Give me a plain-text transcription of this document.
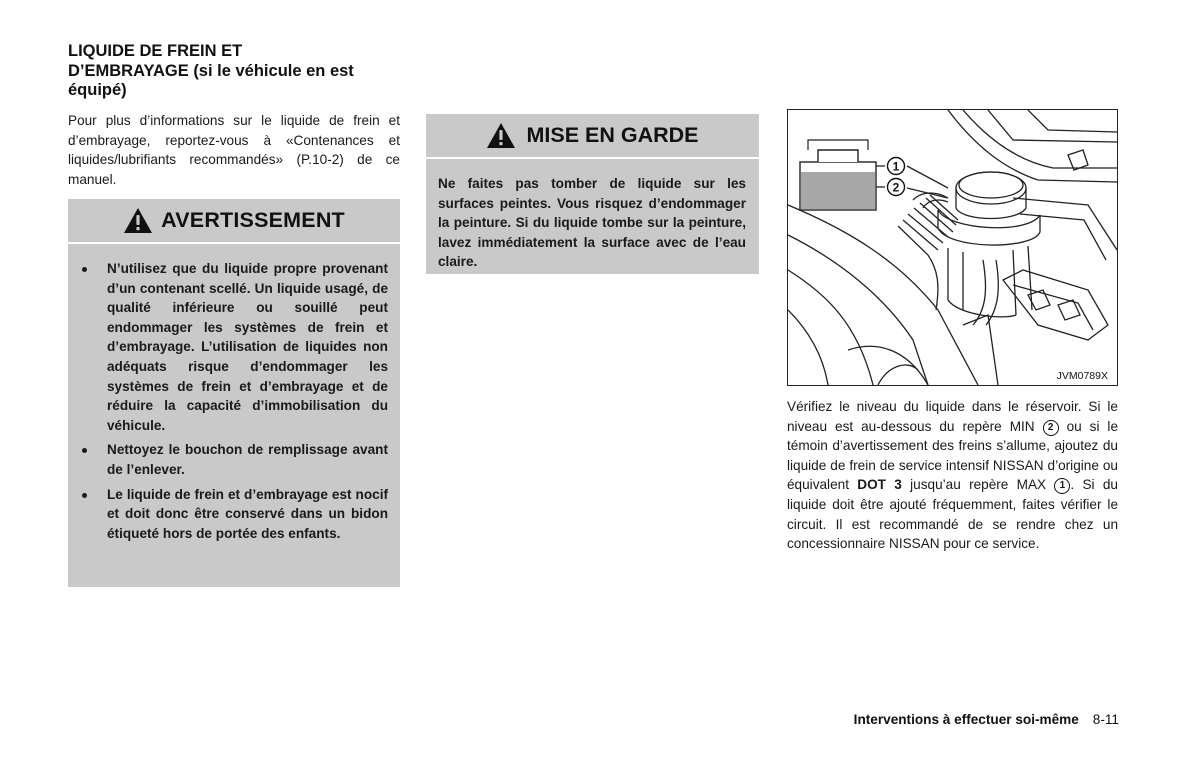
LIQUIDE DE FREIN ET
D’EMBRAYAGE (si le véhicule en est
équipé)
Pour plus d’informations sur le liquide de frein et d’embrayage, reportez-vous à «Contenances et liquides/lubrifiants recommandés» (P.10-2) de ce manuel.
AVERTISSEMENT
N’utilisez que du liquide propre provenant d’un contenant scellé. Un liquide usagé, de qualité inférieure ou souillé peut endommager les systèmes de frein et d’embrayage. L’utilisation de liquides non adéquats risque d’endommager les systèmes de frein et d’embrayage et de réduire la capacité d’immobilisation du véhicule.
Nettoyez le bouchon de remplissage avant de l’enlever.
Le liquide de frein et d’embrayage est nocif et doit donc être conservé dans un bidon étiqueté hors de portée des enfants.
MISE EN GARDE
Ne faites pas tomber de liquide sur les surfaces peintes. Vous risquez d’endommager la peinture. Si du liquide tombe sur la peinture, lavez immédiatement la surface avec de l’eau claire.
1
2
JVM0789X
Vérifiez le niveau du liquide dans le réservoir. Si le niveau est au-dessous du repère MIN 2 ou si le témoin d’avertissement des freins s’allume, ajoutez du liquide de frein de service intensif NISSAN d’origine ou équivalent DOT 3 jusqu’au repère MAX 1 . Si du liquide doit être ajouté fréquemment, faites vérifier le circuit. Il est recommandé de se rendre chez un concessionnaire NISSAN pour ce service.
Interventions à effectuer soi-même 8-11
